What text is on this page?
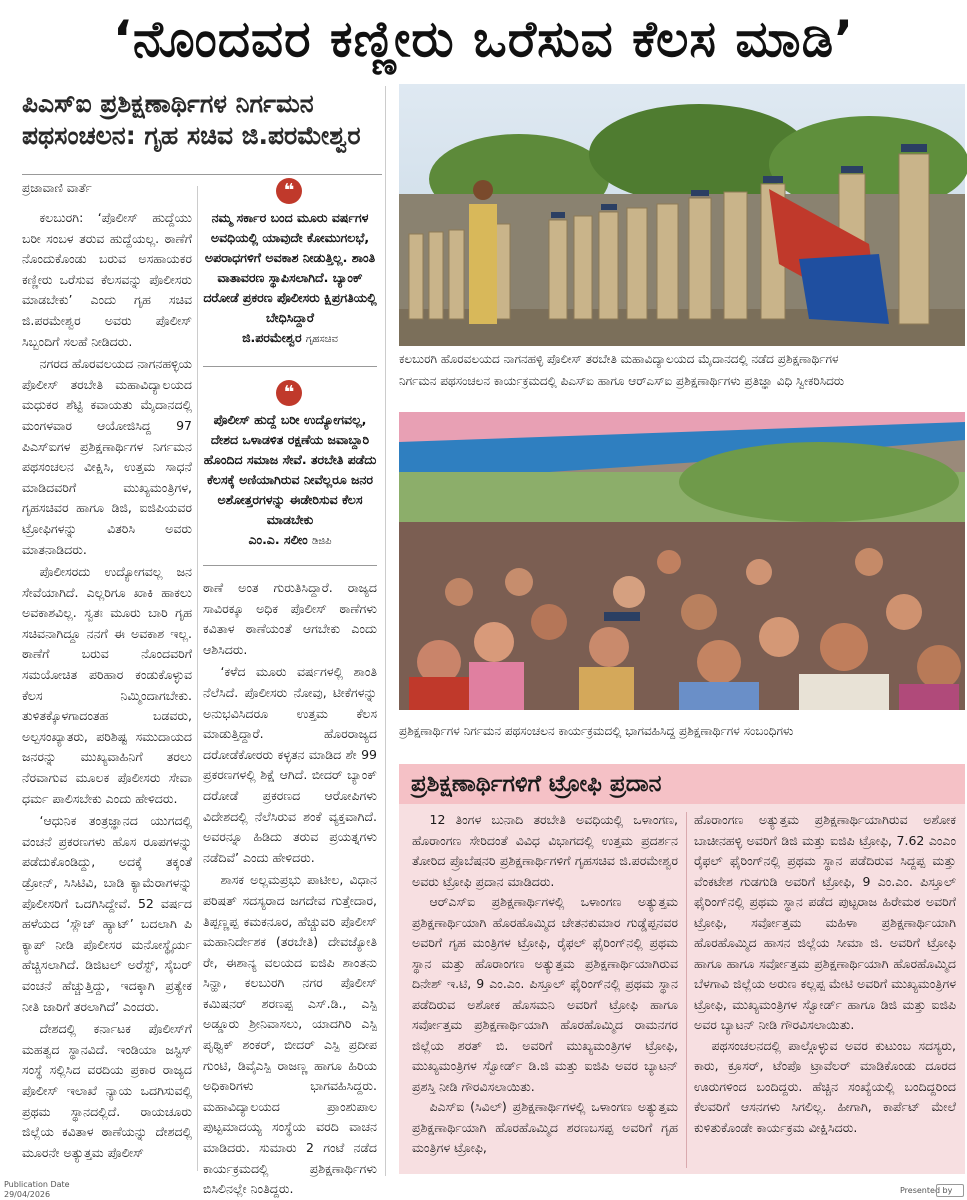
‘ನೊಂದವರ ಕಣ್ಣೀರು ಒರೆಸುವ ಕೆಲಸ ಮಾಡಿ’
ಪಿಎಸ್‌ಐ ಪ್ರಶಿಕ್ಷಣಾರ್ಥಿಗಳ ನಿರ್ಗಮನ
ಪಥಸಂಚಲನ: ಗೃಹ ಸಚಿವ ಜಿ.ಪರಮೇಶ್ವರ
ಪ್ರಜಾವಾಣಿ ವಾರ್ತೆ

ಕಲಬುರಗಿ: ‘ಪೊಲೀಸ್ ಹುದ್ದೆಯು ಬರೀ ಸಂಬಳ ತರುವ ಹುದ್ದೆಯಲ್ಲ. ಠಾಣೆಗೆ ನೊಂದುಕೊಂಡು ಬರುವ ಅಸಹಾಯಕರ ಕಣ್ಣೀರು ಒರೆಸುವ ಕೆಲಸವನ್ನು ಪೊಲೀಸರು ಮಾಡಬೇಕು’ ಎಂದು ಗೃಹ ಸಚಿವ ಜಿ.ಪರಮೇಶ್ವರ ಅವರು ಪೊಲೀಸ್ ಸಿಬ್ಬಂದಿಗೆ ಸಲಹೆ ನೀಡಿದರು.

ನಗರದ ಹೊರವಲಯದ ನಾಗನಹಳ್ಳಿಯ ಪೊಲೀಸ್ ತರಬೇತಿ ಮಹಾವಿದ್ಯಾಲಯದ ಮಧುಕರ ಶೆಟ್ಟಿ ಕವಾಯತು ಮೈದಾನದಲ್ಲಿ ಮಂಗಳವಾರ ಆಯೋಜಿಸಿದ್ದ 97 ಪಿಎಸ್‌ಐಗಳ ಪ್ರಶಿಕ್ಷಣಾರ್ಥಿಗಳ ನಿರ್ಗಮನ ಪಥಸಂಚಲನ ವೀಕ್ಷಿಸಿ, ಉತ್ತಮ ಸಾಧನೆ ಮಾಡಿದವರಿಗೆ ಮುಖ್ಯಮಂತ್ರಿಗಳ, ಗೃಹಸಚಿವರ ಹಾಗೂ ಡಿಜಿ, ಐಜಿಪಿಯವರ ಟ್ರೋಫಿಗಳನ್ನು ವಿತರಿಸಿ ಅವರು ಮಾತನಾಡಿದರು.

ಪೊಲೀಸರದು ಉದ್ಯೋಗವಲ್ಲ ಜನ ಸೇವೆಯಾಗಿದೆ. ಎಲ್ಲರಿಗೂ ಖಾಕಿ ಹಾಕಲು ಅವಕಾಶವಿಲ್ಲ. ಸ್ವತಃ ಮೂರು ಬಾರಿ ಗೃಹ ಸಚಿವನಾಗಿದ್ದೂ ನನಗೆ ಈ ಅವಕಾಶ ಇಲ್ಲ. ಠಾಣೆಗೆ ಬರುವ ನೊಂದವರಿಗೆ ಸಮಯೋಚಿತ ಪರಿಹಾರ ಕಂಡುಕೊಳ್ಳುವ ಕೆಲಸ ನಿಮ್ಮಿಂದಾಗಬೇಕು. ತುಳಿತಕ್ಕೊಳಗಾದಂತಹ ಬಡವರು, ಅಲ್ಪಸಂಖ್ಯಾತರು, ಪರಿಶಿಷ್ಟ ಸಮುದಾಯದ ಜನರನ್ನು ಮುಖ್ಯವಾಹಿನಿಗೆ ತರಲು ನೆರವಾಗುವ ಮೂಲಕ ಪೊಲೀಸರು ಸೇವಾ ಧರ್ಮ ಪಾಲಿಸಬೇಕು ಎಂದು ಹೇಳಿದರು.

‘ಆಧುನಿಕ ತಂತ್ರಜ್ಞಾನದ ಯುಗದಲ್ಲಿ ವಂಚನೆ ಪ್ರಕರಣಗಳು ಹೊಸ ರೂಪಗಳನ್ನು ಪಡೆದುಕೊಂಡಿದ್ದು, ಅದಕ್ಕೆ ತಕ್ಕಂತೆ ಡ್ರೋನ್, ಸಿಸಿಟಿವಿ, ಬಾಡಿ ಕ್ಯಾಮೆರಾಗಳನ್ನು ಪೊಲೀಸರಿಗೆ ಒದಗಿಸಿದ್ದೇವೆ. 52 ವರ್ಷದ ಹಳೆಯದ ‘ಸ್ಲೌಚ್ ಹ್ಯಾಟ್’ ಬದಲಾಗಿ ಪಿ ಕ್ಯಾಪ್ ನೀಡಿ ಪೊಲೀಸರ ಮನೋಸ್ಥೈರ್ಯ ಹೆಚ್ಚಿಸಲಾಗಿದೆ. ಡಿಜಿಟಲ್ ಅರೆಸ್ಟ್, ಸೈಬರ್ ವಂಚನೆ ಹೆಚ್ಚುತ್ತಿದ್ದು, ಇದಕ್ಕಾಗಿ ಪ್ರತ್ಯೇಕ ನೀತಿ ಜಾರಿಗೆ ತರಲಾಗಿದೆ’ ಎಂದರು.

ದೇಶದಲ್ಲಿ ಕರ್ನಾಟಕ ಪೊಲೀಸ್‌ಗೆ ಮಹತ್ವದ ಸ್ಥಾನವಿದೆ. ಇಂಡಿಯಾ ಜಸ್ಟಿಸ್ ಸಂಸ್ಥೆ ಸಲ್ಲಿಸಿದ ವರದಿಯ ಪ್ರಕಾರ ರಾಜ್ಯದ ಪೊಲೀಸ್ ಇಲಾಖೆ ನ್ಯಾಯ ಒದಗಿಸುವಲ್ಲಿ ಪ್ರಥಮ ಸ್ಥಾನದಲ್ಲಿದೆ. ರಾಯಚೂರು ಜಿಲ್ಲೆಯ ಕವಿತಾಳ ಠಾಣೆಯನ್ನು ದೇಶದಲ್ಲಿ ಮೂರನೇ ಅತ್ಯುತ್ತಮ ಪೊಲೀಸ್

❝
ನಮ್ಮ ಸರ್ಕಾರ ಬಂದ ಮೂರು ವರ್ಷಗಳ ಅವಧಿಯಲ್ಲಿ ಯಾವುದೇ ಕೋಮುಗಲಭೆ, ಅಪರಾಧಗಳಿಗೆ ಅವಕಾಶ ನೀಡುತ್ತಿಲ್ಲ. ಶಾಂತಿ ವಾತಾವರಣ ಸ್ಥಾಪಿಸಲಾಗಿದೆ. ಬ್ಯಾಂಕ್ ದರೋಡೆ ಪ್ರಕರಣ ಪೊಲೀಸರು ಕ್ಷಿಪ್ರಗತಿಯಲ್ಲಿ ಬೇಧಿಸಿದ್ದಾರೆ
ಜಿ.ಪರಮೇಶ್ವರ ಗೃಹಸಚಿವ
❝
ಪೊಲೀಸ್ ಹುದ್ದೆ ಬರೀ ಉದ್ಯೋಗವಲ್ಲ, ದೇಶದ ಒಳಾಡಳಿತ ರಕ್ಷಣೆಯ ಜವಾಬ್ದಾರಿ ಹೊಂದಿದ ಸಮಾಜ ಸೇವೆ. ತರಬೇತಿ ಪಡೆದು ಕೆಲಸಕ್ಕೆ ಅಣಿಯಾಗಿರುವ ನೀವೆಲ್ಲರೂ ಜನರ ಅಶೋತ್ತರಗಳನ್ನು ಈಡೇರಿಸುವ ಕೆಲಸ ಮಾಡಬೇಕು
ಎಂ.ಎ. ಸಲೀಂ ಡಿಜಿಪಿ

ಠಾಣೆ ಅಂತ ಗುರುತಿಸಿದ್ದಾರೆ. ರಾಜ್ಯದ ಸಾವಿರಕ್ಕೂ ಅಧಿಕ ಪೊಲೀಸ್ ಠಾಣೆಗಳು ಕವಿತಾಳ ಠಾಣೆಯಂತೆ ಆಗಬೇಕು ಎಂದು ಆಶಿಸಿದರು.

‘ಕಳೆದ ಮೂರು ವರ್ಷಗಳಲ್ಲಿ ಶಾಂತಿ ನೆಲೆಸಿದೆ. ಪೊಲೀಸರು ನೋವು, ಟೀಕೆಗಳನ್ನು ಅನುಭವಿಸಿದರೂ ಉತ್ತಮ ಕೆಲಸ ಮಾಡುತ್ತಿದ್ದಾರೆ. ಹೊರರಾಜ್ಯದ ದರೋಡೆಕೋರರು ಕಳ್ಳತನ ಮಾಡಿದ ಶೇ 99 ಪ್ರಕರಣಗಳಲ್ಲಿ ಶಿಕ್ಷೆ ಆಗಿದೆ. ಬೀದರ್ ಬ್ಯಾಂಕ್ ದರೋಡೆ ಪ್ರಕರಣದ ಆರೋಪಿಗಳು ವಿದೇಶದಲ್ಲಿ ನೆಲೆಸಿರುವ ಶಂಕೆ ವ್ಯಕ್ತವಾಗಿದೆ. ಅವರನ್ನೂ ಹಿಡಿದು ತರುವ ಪ್ರಯತ್ನಗಳು ನಡೆದಿವೆ’ ಎಂದು ಹೇಳಿದರು.

ಶಾಸಕ ಅಲ್ಲಮಪ್ರಭು ಪಾಟೀಲ, ವಿಧಾನ ಪರಿಷತ್ ಸದಸ್ಯರಾದ ಜಗದೇವ ಗುತ್ತೇದಾರ, ತಿಪ್ಪಣ್ಣಪ್ಪ ಕಮಕನೂರ, ಹೆಚ್ಚುವರಿ ಪೊಲೀಸ್ ಮಹಾನಿರ್ದೇಶಕ (ತರಬೇತಿ) ದೇವಜ್ಯೋತಿ ರೇ, ಈಶಾನ್ಯ ವಲಯದ ಐಜಿಪಿ ಶಾಂತನು ಸಿನ್ಹಾ, ಕಲಬುರಗಿ ನಗರ ಪೊಲೀಸ್ ಕಮಿಷನರ್ ಶರಣಪ್ಪ ಎಸ್.ಡಿ., ಎಸ್ಪಿ ಅಡ್ಡೂರು ಶ್ರೀನಿವಾಸಲು, ಯಾದಗಿರಿ ಎಸ್ಪಿ ಪೃಥ್ವಿಕ್ ಶಂಕರ್, ಬೀದರ್ ಎಸ್ಪಿ ಪ್ರದೀಪ ಗುಂಟಿ, ಡಿವೈಎಸ್ಪಿ ರಾಜಣ್ಣ ಹಾಗೂ ಹಿರಿಯ ಅಧಿಕಾರಿಗಳು ಭಾಗವಹಿಸಿದ್ದರು. ಮಹಾವಿದ್ಯಾಲಯದ ಪ್ರಾಂಶುಪಾಲ ಪುಟ್ಟಮಾದಯ್ಯ ಸಂಸ್ಥೆಯ ವರದಿ ವಾಚನ ಮಾಡಿದರು. ಸುಮಾರು 2 ಗಂಟೆ ನಡೆದ ಕಾರ್ಯಕ್ರಮದಲ್ಲಿ ಪ್ರಶಿಕ್ಷಣಾರ್ಥಿಗಳು ಬಿಸಿಲಿನಲ್ಲೇ ನಿಂತಿದ್ದರು.

ಕಲಬುರಗಿ ಹೊರವಲಯದ ನಾಗನಹಳ್ಳಿ ಪೊಲೀಸ್ ತರಬೇತಿ ಮಹಾವಿದ್ಯಾಲಯದ ಮೈದಾನದಲ್ಲಿ ನಡೆದ ಪ್ರಶಿಕ್ಷಣಾರ್ಥಿಗಳ
ನಿರ್ಗಮನ ಪಥಸಂಚಲನ ಕಾರ್ಯಕ್ರಮದಲ್ಲಿ ಪಿಎಸ್‌ಐ ಹಾಗೂ ಆರ್‌ಎಸ್‌ಐ ಪ್ರಶಿಕ್ಷಣಾರ್ಥಿಗಳು ಪ್ರತಿಜ್ಞಾ ವಿಧಿ ಸ್ವೀಕರಿಸಿದರು
ಪ್ರಶಿಕ್ಷಣಾರ್ಥಿಗಳ ನಿರ್ಗಮನ ಪಥಸಂಚಲನ ಕಾರ್ಯಕ್ರಮದಲ್ಲಿ ಭಾಗವಹಿಸಿದ್ದ ಪ್ರಶಿಕ್ಷಣಾರ್ಥಿಗಳ ಸಂಬಂಧಿಗಳು
ಪ್ರಶಿಕ್ಷಣಾರ್ಥಿಗಳಿಗೆ ಟ್ರೋಫಿ ಪ್ರದಾನ

12 ತಿಂಗಳ ಬುನಾದಿ ತರಬೇತಿ ಅವಧಿಯಲ್ಲಿ ಒಳಾಂಗಣ, ಹೊರಾಂಗಣ ಸೇರಿದಂತೆ ವಿವಿಧ ವಿಭಾಗದಲ್ಲಿ ಉತ್ತಮ ಪ್ರದರ್ಶನ ತೋರಿದ ಪ್ರೊಬೆಷನರಿ ಪ್ರಶಿಕ್ಷಣಾರ್ಥಿಗಳಿಗೆ ಗೃಹಸಚಿವ ಜಿ.ಪರಮೇಶ್ವರ ಅವರು ಟ್ರೋಫಿ ಪ್ರದಾನ ಮಾಡಿದರು.

ಆರ್‌ಎಸ್‌ಐ ಪ್ರಶಿಕ್ಷಣಾರ್ಥಿಗಳಲ್ಲಿ ಒಳಾಂಗಣ ಅತ್ಯುತ್ತಮ ಪ್ರಶಿಕ್ಷಣಾರ್ಥಿಯಾಗಿ ಹೊರಹೊಮ್ಮಿದ ಚೇತನಕುಮಾರ ಗುಡ್ಡೆಪ್ಪನವರ ಅವರಿಗೆ ಗೃಹ ಮಂತ್ರಿಗಳ ಟ್ರೋಫಿ, ರೈಫಲ್ ಫೈರಿಂಗ್‌ನಲ್ಲಿ ಪ್ರಥಮ ಸ್ಥಾನ ಮತ್ತು ಹೊರಾಂಗಣ ಅತ್ಯುತ್ತಮ ಪ್ರಶಿಕ್ಷಣಾರ್ಥಿಯಾಗಿರುವ ದಿನೇಶ್ ಇ.ಟಿ, 9 ಎಂ.ಎಂ. ಪಿಸ್ತೂಲ್ ಫೈರಿಂಗ್‌ನಲ್ಲಿ ಪ್ರಥಮ ಸ್ಥಾನ ಪಡೆದಿರುವ ಅಶೋಕ ಹೊಸಮನಿ ಅವರಿಗೆ ಟ್ರೋಫಿ ಹಾಗೂ ಸರ್ವೋತ್ತಮ ಪ್ರಶಿಕ್ಷಣಾರ್ಥಿಯಾಗಿ ಹೊರಹೊಮ್ಮಿದ ರಾಮನಗರ ಜಿಲ್ಲೆಯ ಶರತ್ ಬಿ. ಅವರಿಗೆ ಮುಖ್ಯಮಂತ್ರಿಗಳ ಟ್ರೋಫಿ, ಮುಖ್ಯಮಂತ್ರಿಗಳ ಸ್ವೋರ್ಡ್ ಡಿ.ಜಿ ಮತ್ತು ಐಜಿಪಿ ಅವರ ಬ್ಯಾಟನ್ ಪ್ರಶಸ್ತಿ ನೀಡಿ ಗೌರವಿಸಲಾಯಿತು.

ಪಿಎಸ್‌ಐ (ಸಿವಿಲ್) ಪ್ರಶಿಕ್ಷಣಾರ್ಥಿಗಳಲ್ಲಿ ಒಳಾಂಗಣ ಅತ್ಯುತ್ತಮ ಪ್ರಶಿಕ್ಷಣಾರ್ಥಿಯಾಗಿ ಹೊರಹೊಮ್ಮಿದ ಶರಣಬಸಪ್ಪ ಅವರಿಗೆ ಗೃಹ ಮಂತ್ರಿಗಳ ಟ್ರೋಫಿ,

ಹೊರಾಂಗಣ ಅತ್ಯುತ್ತಮ ಪ್ರಶಿಕ್ಷಣಾರ್ಥಿಯಾಗಿರುವ ಅಶೋಕ ಬಾಚೀನಹಳ್ಳಿ ಅವರಿಗೆ ಡಿಜಿ ಮತ್ತು ಐಜಿಪಿ ಟ್ರೋಫಿ, 7.62 ಎಂಎಂ ರೈಫಲ್ ಫೈರಿಂಗ್‌ನಲ್ಲಿ ಪ್ರಥಮ ಸ್ಥಾನ ಪಡೆದಿರುವ ಸಿದ್ದಪ್ಪ ಮತ್ತು ವೆಂಕಟೇಶ ಗುಡಗುಡಿ ಅವರಿಗೆ ಟ್ರೋಫಿ, 9 ಎಂ.ಎಂ. ಪಿಸ್ತೂಲ್ ಫೈರಿಂಗ್‌ನಲ್ಲಿ ಪ್ರಥಮ ಸ್ಥಾನ ಪಡೆದ ಪುಟ್ಟರಾಜ ಹಿರೇಮಠ ಅವರಿಗೆ ಟ್ರೋಫಿ, ಸರ್ವೋತ್ತಮ ಮಹಿಳಾ ಪ್ರಶಿಕ್ಷಣಾರ್ಥಿಯಾಗಿ ಹೊರಹೊಮ್ಮಿದ ಹಾಸನ ಜಿಲ್ಲೆಯ ಸೀಮಾ ಜಿ. ಅವರಿಗೆ ಟ್ರೋಫಿ ಹಾಗೂ ಹಾಗೂ ಸರ್ವೋತ್ತಮ ಪ್ರಶಿಕ್ಷಣಾರ್ಥಿಯಾಗಿ ಹೊರಹೊಮ್ಮಿದ ಬೆಳಗಾವಿ ಜಿಲ್ಲೆಯ ಅರುಣ ಕಲ್ಲಪ್ಪ ಮೇಟಿ ಅವರಿಗೆ ಮುಖ್ಯಮಂತ್ರಿಗಳ ಟ್ರೋಫಿ, ಮುಖ್ಯಮಂತ್ರಿಗಳ ಸ್ವೋರ್ಡ್ ಹಾಗೂ ಡಿಜಿ ಮತ್ತು ಐಜಿಪಿ ಅವರ ಬ್ಯಾಟನ್ ನೀಡಿ ಗೌರವಿಸಲಾಯಿತು.

ಪಥಸಂಚಲನದಲ್ಲಿ ಪಾಲ್ಗೊಳ್ಳುವ ಅವರ ಕುಟುಂಬ ಸದಸ್ಯರು, ಕಾರು, ಕ್ರೂಸರ್, ಟೆಂಪೊ ಟ್ರಾವೆಲರ್ ಮಾಡಿಕೊಂಡು ದೂರದ ಊರುಗಳಿಂದ ಬಂದಿದ್ದರು. ಹೆಚ್ಚಿನ ಸಂಖ್ಯೆಯಲ್ಲಿ ಬಂದಿದ್ದರಿಂದ ಕೆಲವರಿಗೆ ಆಸನಗಳು ಸಿಗಲಿಲ್ಲ. ಹೀಗಾಗಿ, ಕಾರ್ಪೆಟ್ ಮೇಲೆ ಕುಳಿತುಕೊಂಡೇ ಕಾರ್ಯಕ್ರಮ ವೀಕ್ಷಿಸಿದರು.

Publication Date
29/04/2026	Presented by
